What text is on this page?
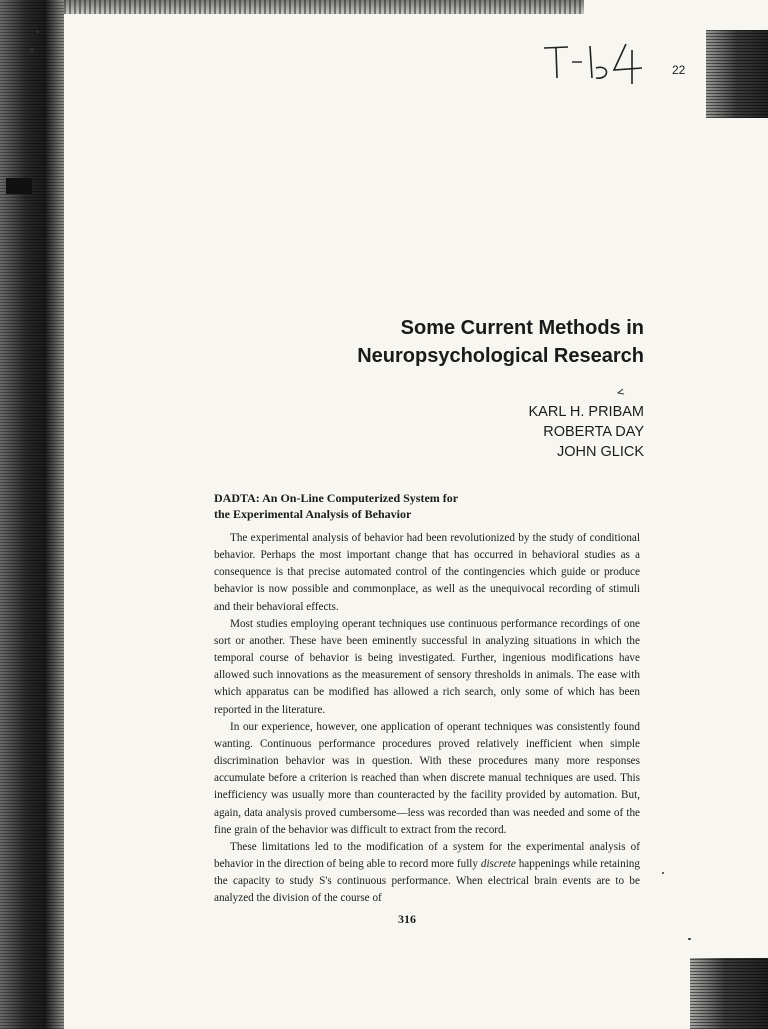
22
Some Current Methods in
Neuropsychological Research
KARL H. PRIBAM
ROBERTA DAY
JOHN GLICK
DADTA: An On-Line Computerized System for
the Experimental Analysis of Behavior

The experimental analysis of behavior had been revolutionized by the study of conditional behavior. Perhaps the most important change that has occurred in behavioral studies as a consequence is that precise automated control of the contingencies which guide or produce behavior is now possible and commonplace, as well as the unequivocal recording of stimuli and their behavioral effects.

Most studies employing operant techniques use continuous performance recordings of one sort or another. These have been eminently successful in analyzing situations in which the temporal course of behavior is being investigated. Further, ingenious modifications have allowed such innovations as the measurement of sensory thresholds in animals. The ease with which apparatus can be modified has allowed a rich search, only some of which has been reported in the literature.

In our experience, however, one application of operant techniques was consistently found wanting. Continuous performance procedures proved relatively inefficient when simple discrimination behavior was in question. With these procedures many more responses accumulate before a criterion is reached than when discrete manual techniques are used. This inefficiency was usually more than counteracted by the facility provided by automation. But, again, data analysis proved cumbersome—less was recorded than was needed and some of the fine grain of the behavior was difficult to extract from the record.

These limitations led to the modification of a system for the experimental analysis of behavior in the direction of being able to record more fully discrete happenings while retaining the capacity to study S's continuous performance. When electrical brain events are to be analyzed the division of the course of

316
